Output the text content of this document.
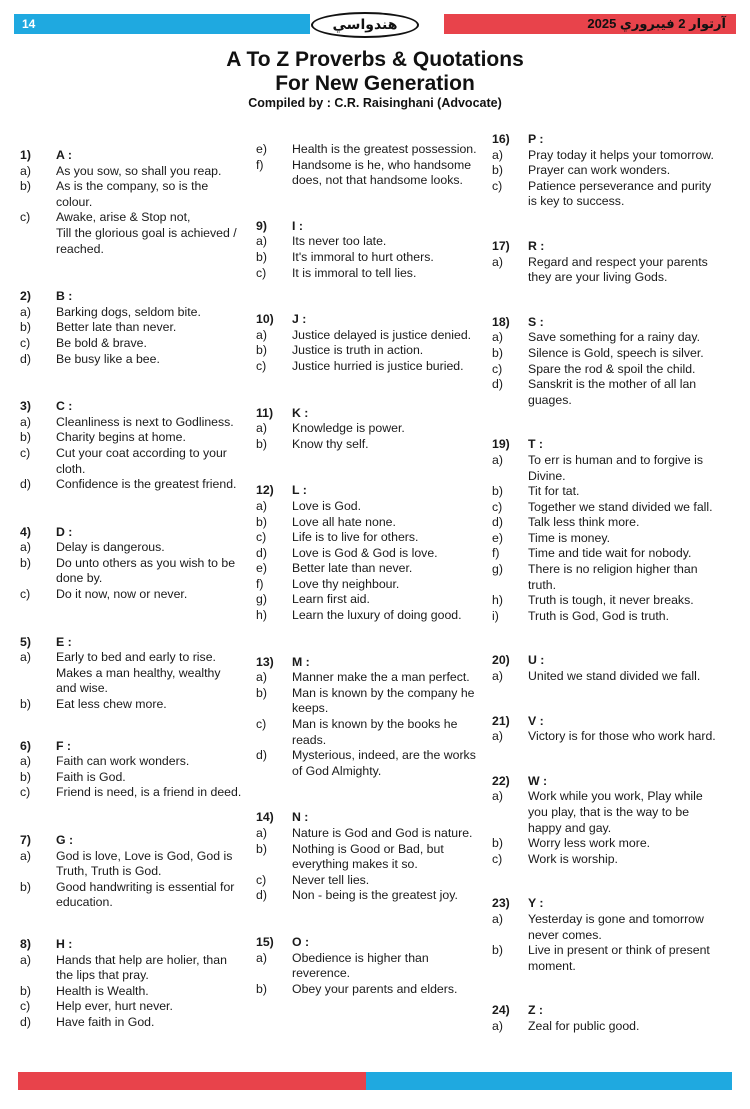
14	2025 آرتوار 2 فيبروري
هندواسي
A To Z Proverbs & Quotations
For New Generation
Compiled by : C.R. Raisinghani (Advocate)
1)	A :
a)	As you sow, so shall you reap.
b)	As is the company, so is the colour.
c)	Awake, arise & Stop not,
Till the glorious goal is achieved / reached.
2)	B :
a)	Barking dogs, seldom bite.
b)	Better late than never.
c)	Be bold & brave.
d)	Be busy like a bee.
3)	C :
a)	Cleanliness is next to Godliness.
b)	Charity begins at home.
c)	Cut your coat according to your cloth.
d)	Confidence is the greatest friend.
4)	D :
a)	Delay is dangerous.
b)	Do unto others as you wish to be done by.
c)	Do it now, now or never.
5)	E :
a)	Early to bed and early to rise. Makes a man healthy, wealthy and wise.
b)	Eat less chew more.
6)	F :
a)	Faith can work wonders.
b)	Faith is God.
c)	Friend is need, is a friend in deed.
7)	G :
a)	God is love, Love is God, God is Truth, Truth is God.
b)	Good handwriting is essential for education.
8)	H :
a)	Hands that help are holier, than the lips that pray.
b)	Health is Wealth.
c)	Help ever, hurt never.
d)	Have faith in God.
e)	Health is the greatest possession.
f)	Handsome is he, who handsome does, not that handsome looks.
9)	I :
a)	Its never too late.
b)	It's immoral to hurt others.
c)	It is immoral to tell lies.
10)	J :
a)	Justice delayed is justice denied.
b)	Justice is truth in action.
c)	Justice hurried is justice buried.
11)	K :
a)	Knowledge is power.
b)	Know thy self.
12)	L :
a)	Love is God.
b)	Love all hate none.
c)	Life is to live for others.
d)	Love is God & God is love.
e)	Better late than never.
f)	Love thy neighbour.
g)	Learn first aid.
h)	Learn the luxury of doing good.
13)	M :
a)	Manner make the a man perfect.
b)	Man is known by the company he keeps.
c)	Man is known by the books he reads.
d)	Mysterious, indeed, are the works of God Almighty.
14)	N :
a)	Nature is God and God is nature.
b)	Nothing is Good or Bad, but everything makes it so.
c)	Never tell lies.
d)	Non - being is the greatest joy.
15)	O :
a)	Obedience is higher than reverence.
b)	Obey your parents and elders.
16)	P :
a)	Pray today it helps your tomorrow.
b)	Prayer can work wonders.
c)	Patience perseverance and purity is key to success.
17)	R :
a)	Regard and respect your parents they are your living Gods.
18)	S :
a)	Save something for a rainy day.
b)	Silence is Gold, speech is silver.
c)	Spare the rod & spoil the child.
d)	Sanskrit is the mother of all lan guages.
19)	T :
a)	To err is human and to forgive is Divine.
b)	Tit for tat.
c)	Together we stand divided we fall.
d)	Talk less think more.
e)	Time is money.
f)	Time and tide wait for nobody.
g)	There is no religion higher than truth.
h)	Truth is tough, it never breaks.
i)	Truth is God, God is truth.
20)	U :
a)	United we stand divided we fall.
21)	V :
a)	Victory is for those who work hard.
22)	W :
a)	Work while you work, Play while you play, that is the way to be happy and gay.
b)	Worry less work more.
c)	Work is worship.
23)	Y :
a)	Yesterday is gone and tomorrow never comes.
b)	Live in present or think of present moment.
24)	Z :
a)	Zeal for public good.
